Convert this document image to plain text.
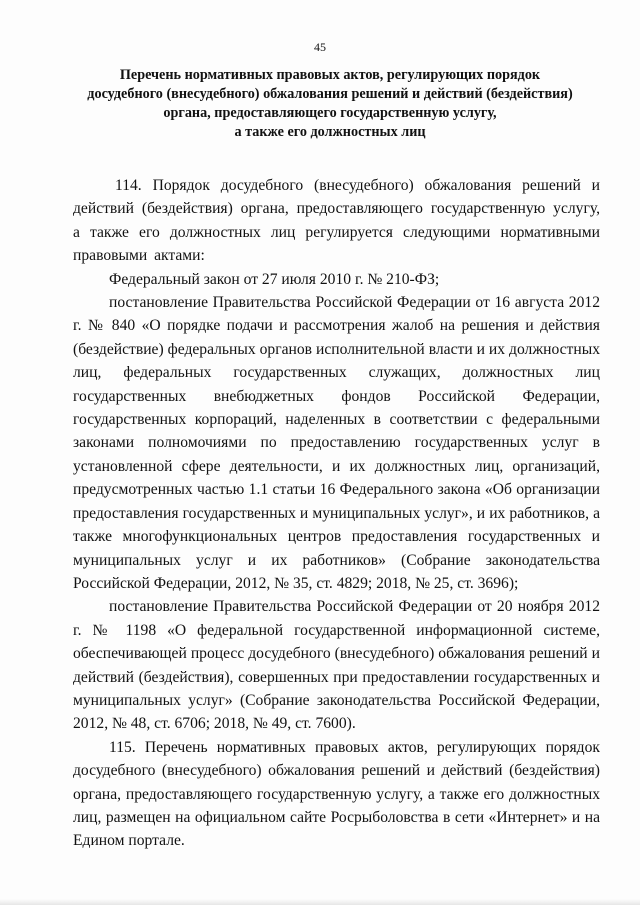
45
Перечень нормативных правовых актов, регулирующих порядок
досудебного (внесудебного) обжалования решений и действий (бездействия)
органа, предоставляющего государственную услугу,
а также его должностных лиц

114. Порядок досудебного (внесудебного) обжалования решений и действий (бездействия) органа, предоставляющего государственную услугу, а также его должностных лиц регулируется следующими нормативными правовыми актами:

Федеральный закон от 27 июля 2010 г. № 210-ФЗ;

постановление Правительства Российской Федерации от 16 августа 2012 г. № 840 «О порядке подачи и рассмотрения жалоб на решения и действия (бездействие) федеральных органов исполнительной власти и их должностных лиц, федеральных государственных служащих, должностных лиц государственных внебюджетных фондов Российской Федерации, государственных корпораций, наделенных в соответствии с федеральными законами полномочиями по предоставлению государственных услуг в установленной сфере деятельности, и их должностных лиц, организаций, предусмотренных частью 1.1 статьи 16 Федерального закона «Об организации предоставления государственных и муниципальных услуг», и их работников, а также многофункциональных центров предоставления государственных и муниципальных услуг и их работников» (Собрание законодательства Российской Федерации, 2012, № 35, ст. 4829; 2018, № 25, ст. 3696);

постановление Правительства Российской Федерации от 20 ноября 2012 г. № 1198 «О федеральной государственной информационной системе, обеспечивающей процесс досудебного (внесудебного) обжалования решений и действий (бездействия), совершенных при предоставлении государственных и муниципальных услуг» (Собрание законодательства Российской Федерации, 2012, № 48, ст. 6706; 2018, № 49, ст. 7600).

115. Перечень нормативных правовых актов, регулирующих порядок досудебного (внесудебного) обжалования решений и действий (бездействия) органа, предоставляющего государственную услугу, а также его должностных лиц, размещен на официальном сайте Росрыболовства в сети «Интернет» и на Едином портале.
